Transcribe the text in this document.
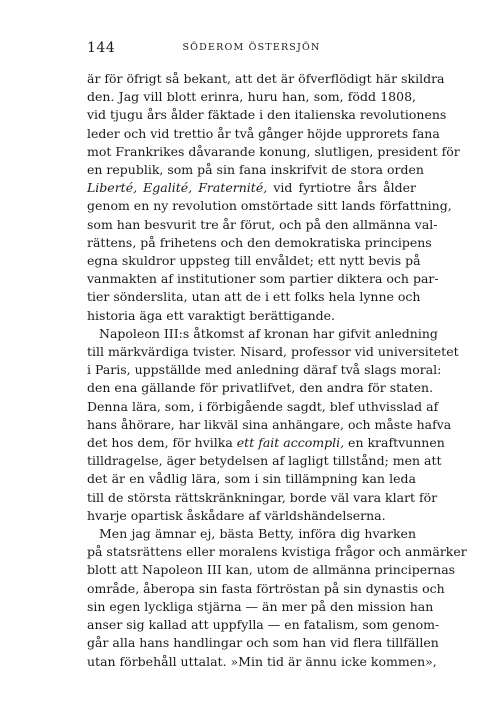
144	SÖDEROM ÖSTERSJÖN
är för öfrigt så bekant, att det är öfverflödigt här skildra
den. Jag vill blott erinra, huru han, som, född 1808,
vid tjugu års ålder fäktade i den italienska revolutionens
leder och vid trettio år två gånger höjde upprorets fana
mot Frankrikes dåvarande konung, slutligen, president för
en republik, som på sin fana inskrifvit de stora orden
Liberté, Egalité, Fraternité, vid fyrtiotre års ålder
genom en ny revolution omstörtade sitt lands författning,
som han besvurit tre år förut, och på den allmänna val-
rättens, på frihetens och den demokratiska principens
egna skuldror uppsteg till envåldet; ett nytt bevis på
vanmakten af institutioner som partier diktera och par-
tier sönderslita, utan att de i ett folks hela lynne och
historia äga ett varaktigt berättigande.
Napoleon III:s åtkomst af kronan har gifvit anledning
till märkvärdiga tvister. Nisard, professor vid universitetet
i Paris, uppställde med anledning däraf två slags moral:
den ena gällande för privatlifvet, den andra för staten.
Denna lära, som, i förbigående sagdt, blef uthvisslad af
hans åhörare, har likväl sina anhängare, och måste hafva
det hos dem, för hvilka ett fait accompli, en kraftvunnen
tilldragelse, äger betydelsen af lagligt tillstånd; men att
det är en vådlig lära, som i sin tillämpning kan leda
till de största rättskränkningar, borde väl vara klart för
hvarje opartisk åskådare af världshändelserna.
Men jag ämnar ej, bästa Betty, införa dig hvarken
på statsrättens eller moralens kvistiga frågor och anmärker
blott att Napoleon III kan, utom de allmänna principernas
område, åberopa sin fasta förtröstan på sin dynastis och
sin egen lyckliga stjärna — än mer på den mission han
anser sig kallad att uppfylla — en fatalism, som genom-
går alla hans handlingar och som han vid flera tillfällen
utan förbehåll uttalat. »Min tid är ännu icke kommen»,
